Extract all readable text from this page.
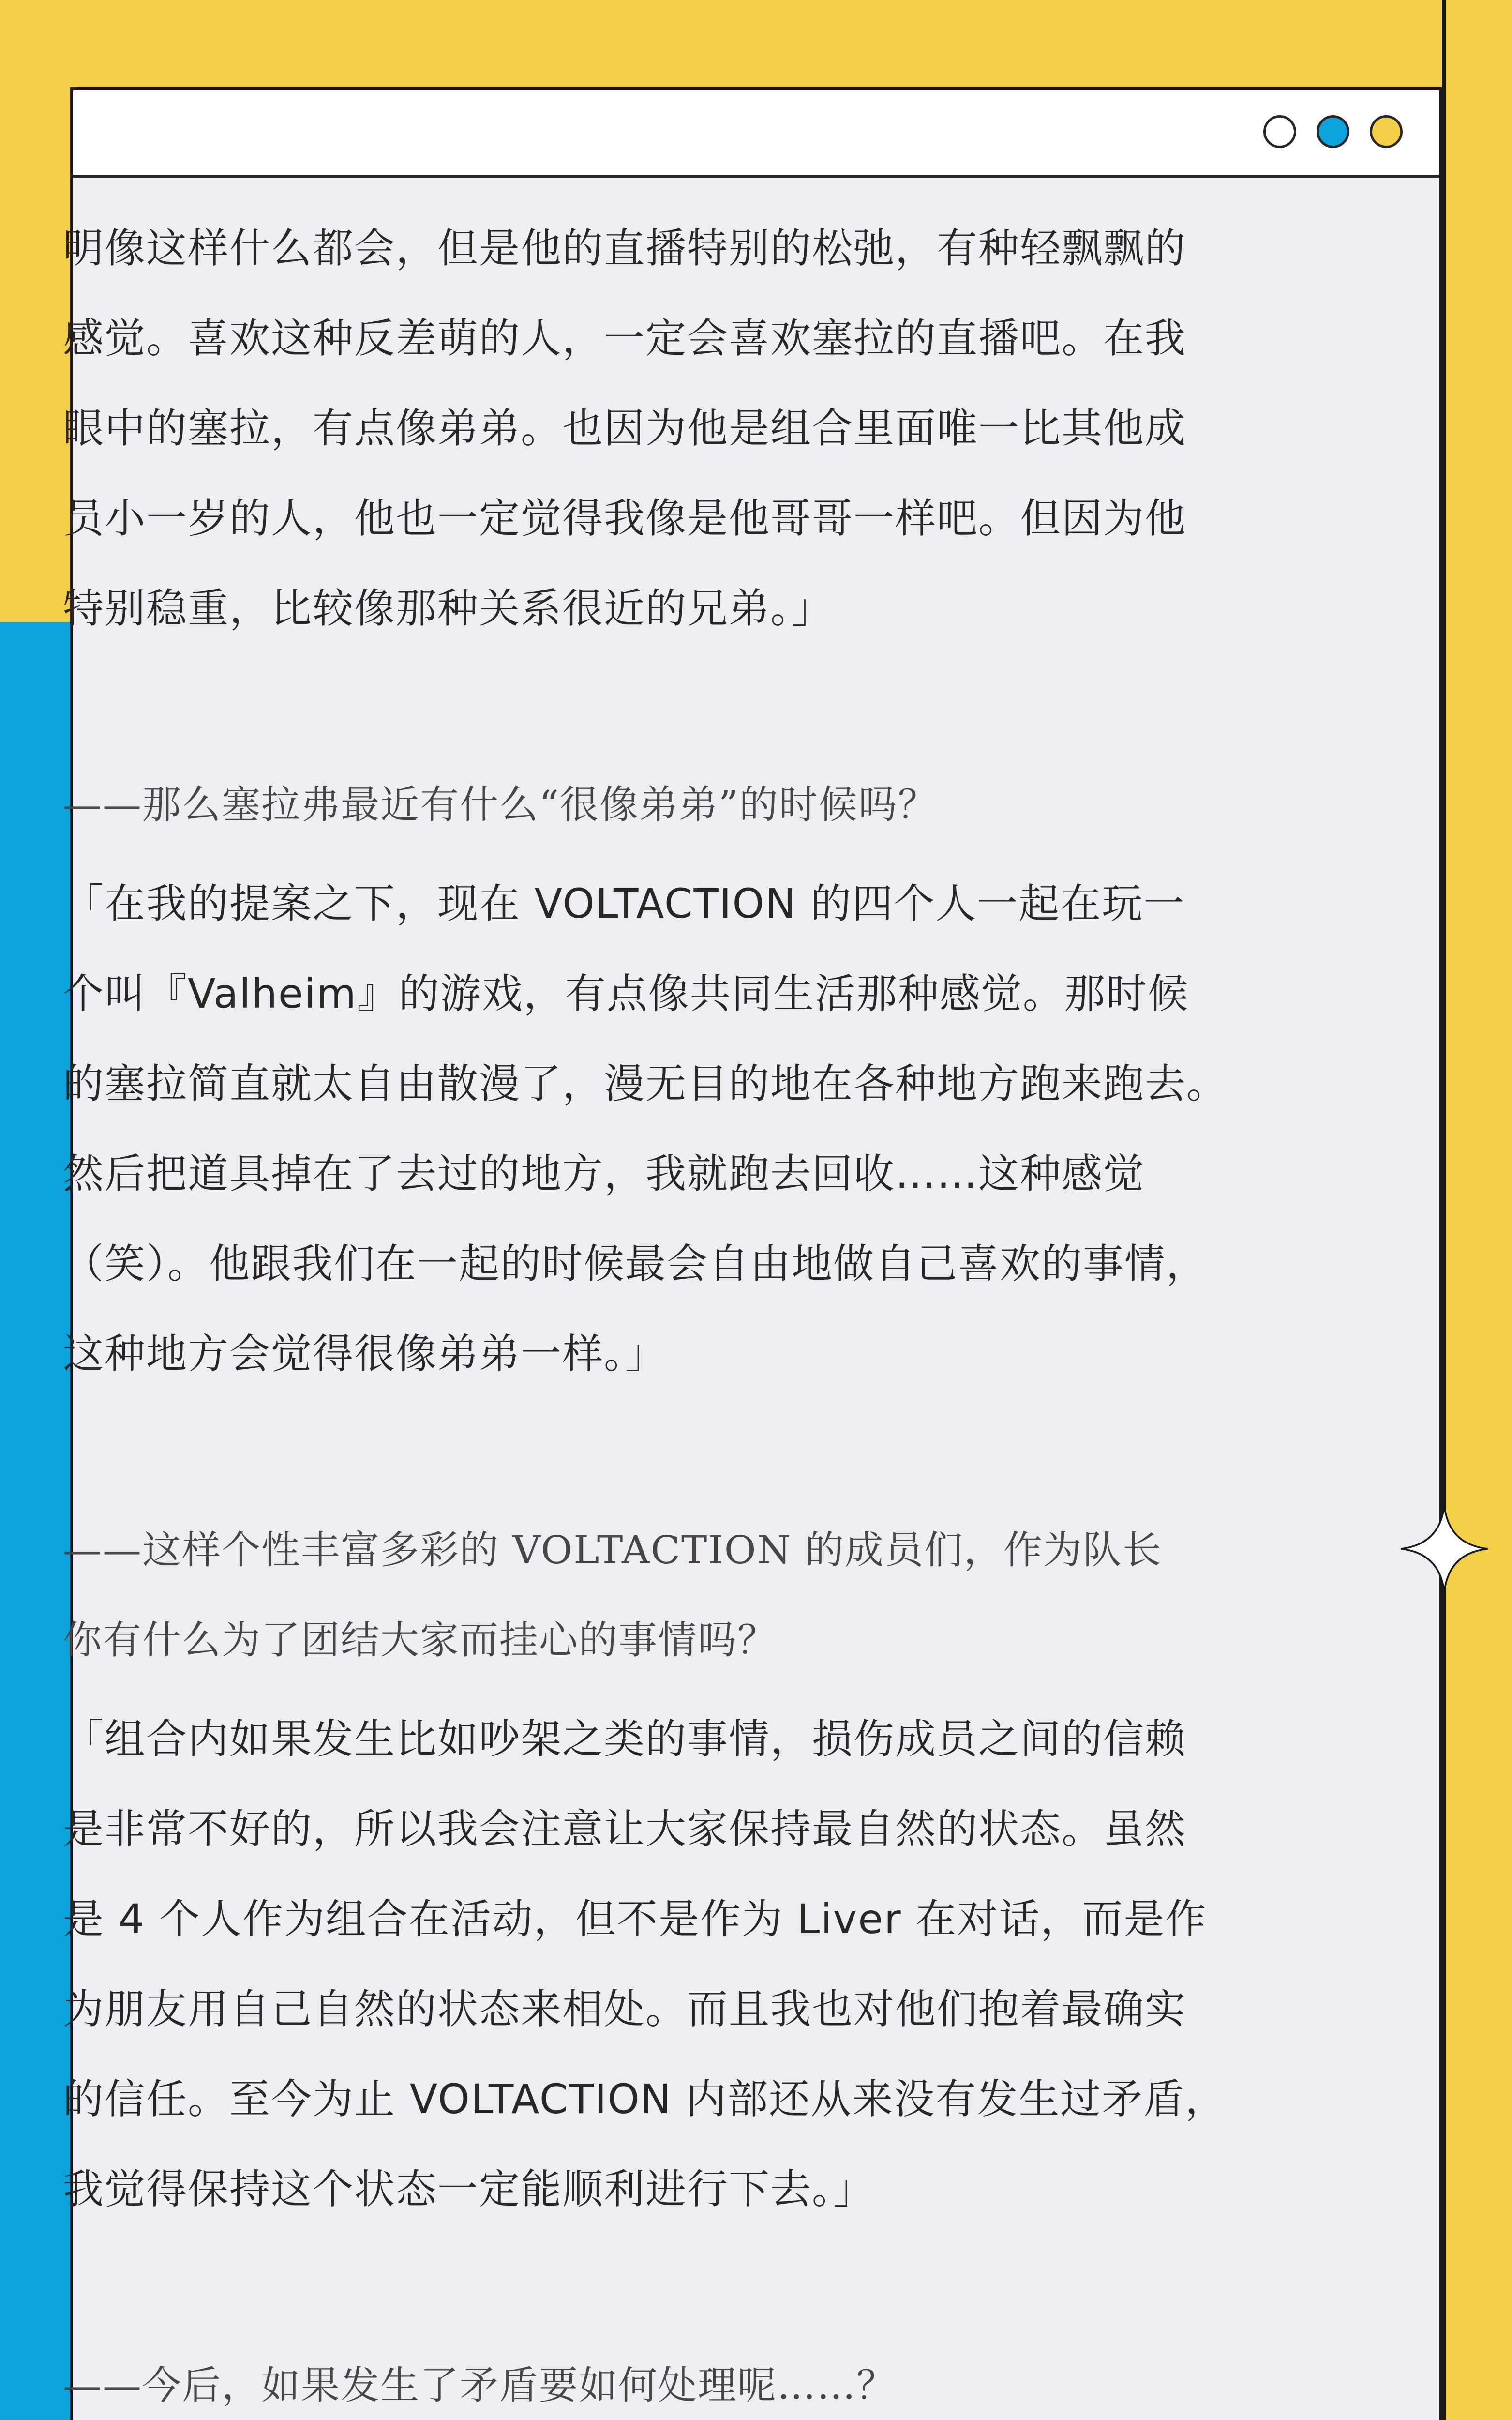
明像这样什么都会，但是他的直播特别的松弛，有种轻飘飘的
感觉。喜欢这种反差萌的人，一定会喜欢塞拉的直播吧。在我
眼中的塞拉，有点像弟弟。也因为他是组合里面唯一比其他成
员小一岁的人，他也一定觉得我像是他哥哥一样吧。但因为他
特别稳重，比较像那种关系很近的兄弟。」

——那么塞拉弗最近有什么“很像弟弟”的时候吗？

「在我的提案之下，现在 VOLTACTION 的四个人一起在玩一
个叫『Valheim』的游戏，有点像共同生活那种感觉。那时候
的塞拉简直就太自由散漫了，漫无目的地在各种地方跑来跑去。
然后把道具掉在了去过的地方，我就跑去回收……这种感觉
（笑）。他跟我们在一起的时候最会自由地做自己喜欢的事情，
这种地方会觉得很像弟弟一样。」

——这样个性丰富多彩的 VOLTACTION 的成员们，作为队长
你有什么为了团结大家而挂心的事情吗？

「组合内如果发生比如吵架之类的事情，损伤成员之间的信赖
是非常不好的，所以我会注意让大家保持最自然的状态。虽然
是 4 个人作为组合在活动，但不是作为 Liver 在对话，而是作
为朋友用自己自然的状态来相处。而且我也对他们抱着最确实
的信任。至今为止 VOLTACTION 内部还从来没有发生过矛盾，
我觉得保持这个状态一定能顺利进行下去。」

——今后，如果发生了矛盾要如何处理呢……？
